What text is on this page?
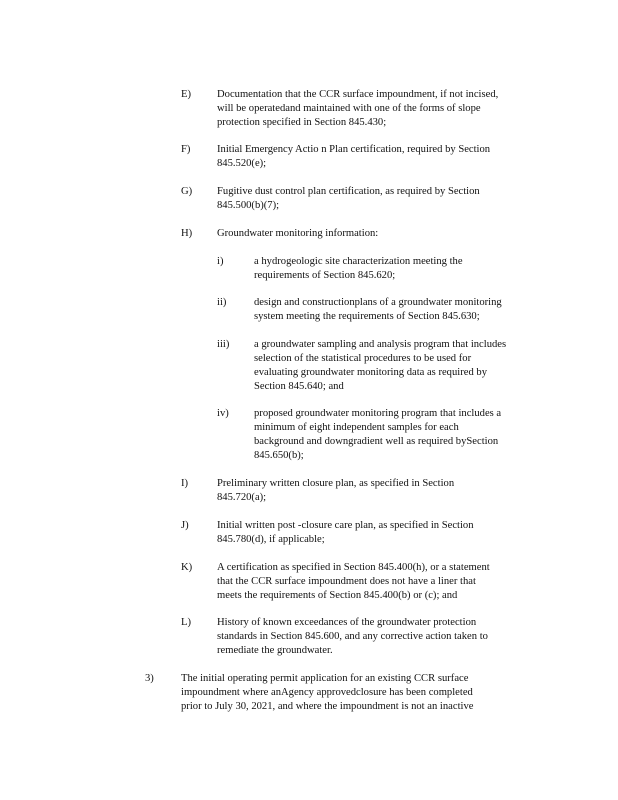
E) Documentation that the CCR surface impoundment, if not incised,
will be operatedand maintained with one of the forms of slope
protection specified in Section 845.430;
F)	Initial Emergency Actio n Plan certification, required by Section
845.520(e);
G) Fugitive dust control plan certification, as required by Section
845.500(b)(7);
H) Groundwater monitoring information:
i)	a hydrogeologic site characterization meeting the
requirements of Section 845.620;
ii)	design and constructionplans of a groundwater monitoring
system meeting the requirements of Section 845.630;
iii) a groundwater sampling and analysis program that includes
selection of the statistical procedures to be used for
evaluating groundwater monitoring data as required by
Section 845.640; and
iv) proposed groundwater monitoring program that includes a
minimum of eight independent samples for each
background and downgradient well as required bySection
845.650(b);
I)	Preliminary written closure plan, as specified in Section
845.720(a);
J)	Initial written post -closure care plan, as specified in Section
845.780(d), if applicable;
K) A certification as specified in Section 845.400(h), or a statement
that the CCR surface impoundment does not have a liner that
meets the requirements of Section 845.400(b) or (c); and
L) History of known exceedances of the groundwater protection
standards in Section 845.600, and any corrective action taken to
remediate the groundwater.
3)	The initial operating permit application for an existing CCR surface
impoundment where anAgency approvedclosure has been completed
prior to July 30, 2021, and where the impoundment is not an inactive
